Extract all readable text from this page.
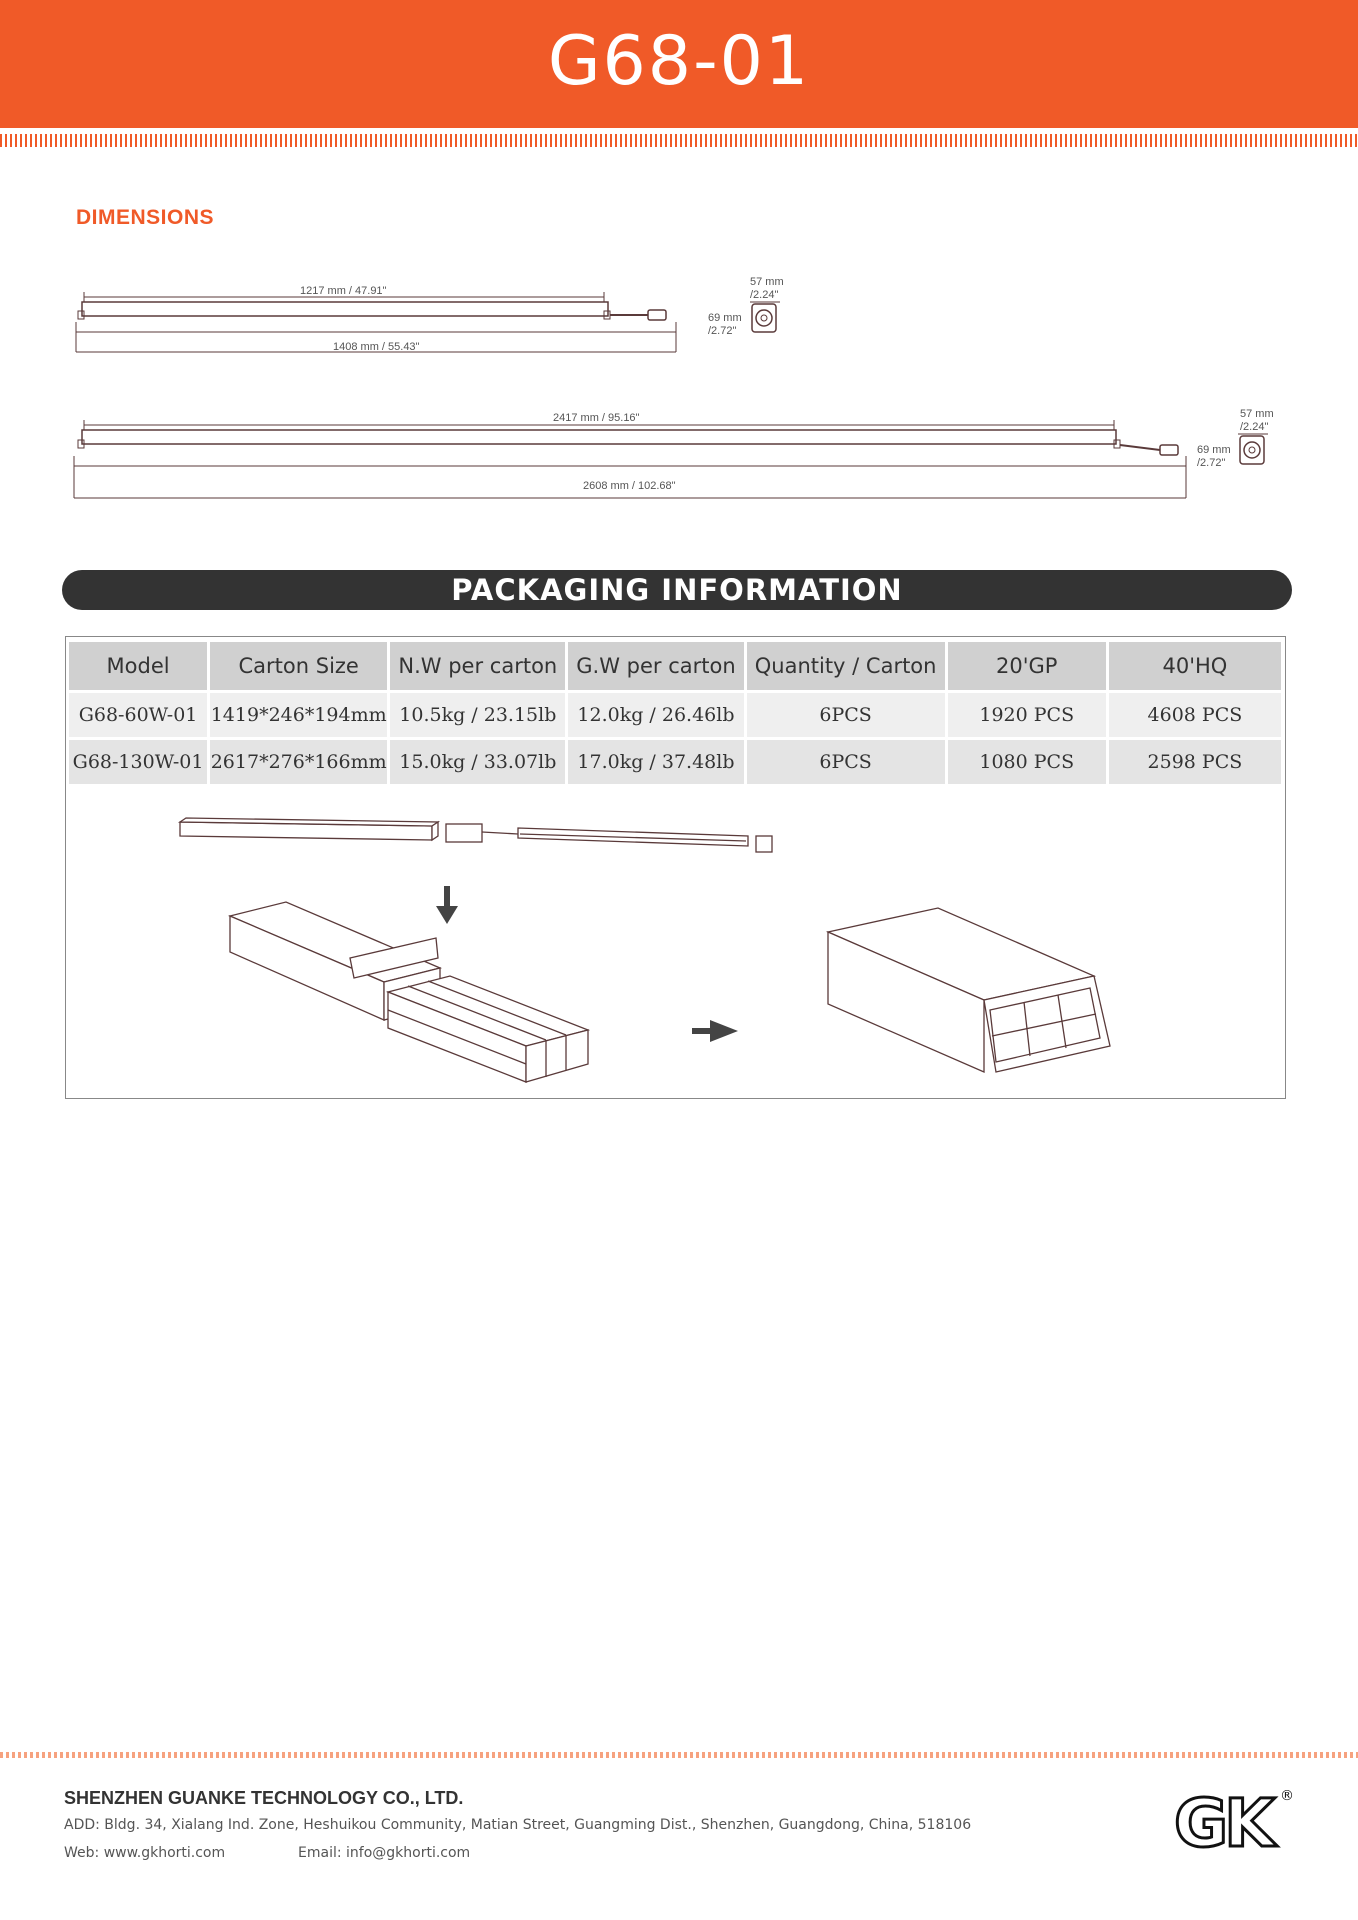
G68-01
DIMENSIONS
1217 mm / 47.91"
1408 mm / 55.43"
57 mm
/2.24"
69 mm
/2.72"
2417 mm / 95.16"
2608 mm / 102.68"
57 mm
/2.24"
69 mm
/2.72"
PACKAGING INFORMATION
Model	Carton Size	N.W per carton	G.W per carton	Quantity / Carton	20'GP	40'HQ
G68-60W-01	1419*246*194mm	10.5kg / 23.15lb	12.0kg / 26.46lb	6PCS	1920 PCS	4608 PCS
G68-130W-01	2617*276*166mm	15.0kg / 33.07lb	17.0kg / 37.48lb	6PCS	1080 PCS	2598 PCS
SHENZHEN GUANKE TECHNOLOGY CO., LTD.
ADD: Bldg. 34, Xialang Ind. Zone, Heshuikou Community, Matian Street, Guangming Dist., Shenzhen, Guangdong, China, 518106
Web: www.gkhorti.com	Email: info@gkhorti.com	GK ®
